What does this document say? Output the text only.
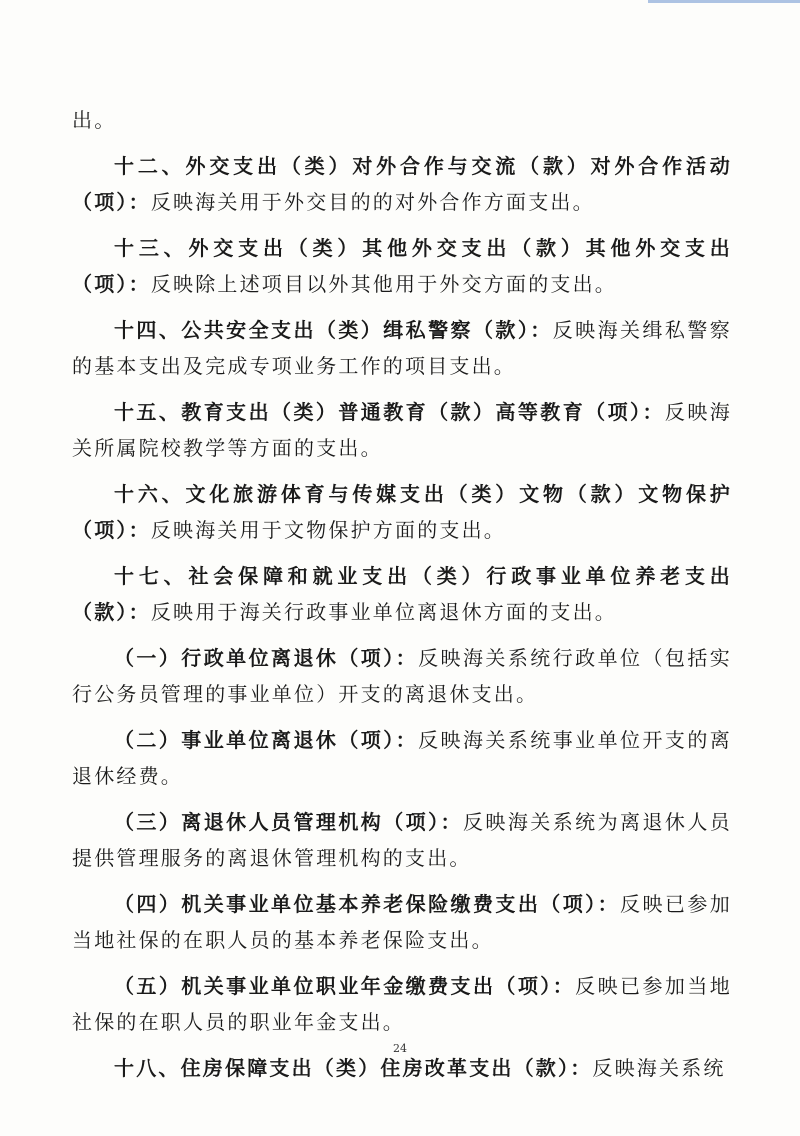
出。

十二、外交支出（类）对外合作与交流（款）对外合作活动（项）：反映海关用于外交目的的对外合作方面支出。

十三、外交支出（类）其他外交支出（款）其他外交支出（项）：反映除上述项目以外其他用于外交方面的支出。

十四、公共安全支出（类）缉私警察（款）：反映海关缉私警察的基本支出及完成专项业务工作的项目支出。

十五、教育支出（类）普通教育（款）高等教育（项）：反映海关所属院校教学等方面的支出。

十六、文化旅游体育与传媒支出（类）文物（款）文物保护（项）：反映海关用于文物保护方面的支出。

十七、社会保障和就业支出（类）行政事业单位养老支出（款）：反映用于海关行政事业单位离退休方面的支出。

（一）行政单位离退休（项）：反映海关系统行政单位（包括实行公务员管理的事业单位）开支的离退休支出。

（二）事业单位离退休（项）：反映海关系统事业单位开支的离退休经费。

（三）离退休人员管理机构（项）：反映海关系统为离退休人员提供管理服务的离退休管理机构的支出。

（四）机关事业单位基本养老保险缴费支出（项）：反映已参加当地社保的在职人员的基本养老保险支出。

（五）机关事业单位职业年金缴费支出（项）：反映已参加当地社保的在职人员的职业年金支出。

十八、住房保障支出（类）住房改革支出（款）：反映海关系统

24
